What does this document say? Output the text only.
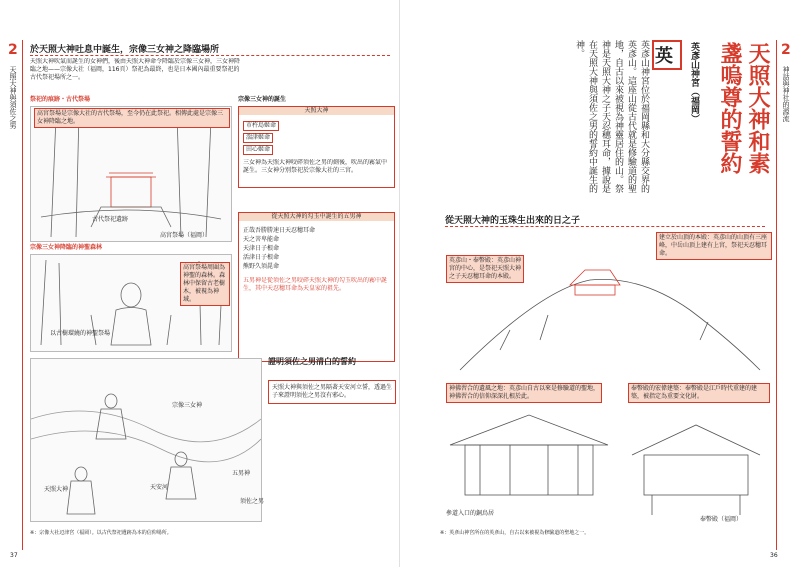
2
天照大神與須佐之男
於天照大神吐息中誕生，宗像三女神之降臨場所
天照大神吹氣而誕生的女神們，後由天照大神命令降臨於宗像三女神，三女神降臨之地——宗像大社（福岡，116頁）祭祀為最終，也是日本國內最重要祭祀的古代祭祀場所之一。
祭祀的痕跡・古代祭場
高宮祭場是宗像大社的古代祭場，至今仍在此祭祀。相傳此處是宗像三女神降臨之地。
古代祭祀遺跡
高宮祭場（福岡）
宗像三女神降臨的神聖森林
高宮祭場周圍為神聖的森林。森林中保留古老樹木，被視為神域。
以古樹環繞的神聖祭場
宗像三女神的誕生
天照大神
市杵島姬命
湍津姬命
田心姬命
三女神為天照大神咬碎須佐之男的劍後，吹出的霧氣中誕生。三女神分別祭祀於宗像大社的三宮。
從天照大神的勾玉中誕生的五男神
正哉吾勝勝速日天忍穗耳命
天之菩卑能命
天津日子根命
活津日子根命
熊野久須毘命
五男神是從須佐之男咬碎天照大神的勾玉吹出的霧中誕生，其中天忍穗耳命為天皇家的祖先。
證明須佐之男清白的誓約
天照大神與須佐之男隔著天安河立誓，透過生子來證明須佐之男沒有邪心。
天照大神
宗像三女神
天安河
須佐之男
五男神
※：宗像大社辺津宮（福岡）。以古代祭祀遺跡為本的信仰場所。
37
2
神話與神社的源流
天照大神和素
盞嗚尊的誓約
英彥山神宮（福岡）
英
英彥山神宮位於福岡縣和大分縣交界的英彥山。這座山從古代就是修驗道的聖地，自古以來被視為神靈居住的山。祭神是天照大神之子天忍穗耳命，據說是在天照大神與須佐之男的誓約中誕生的神。
從天照大神的玉珠生出來的日之子
英彥山・奉幣殿：英彥山神宮的中心，是祭祀天照大神之子天忍穗耳命的本殿。
建立於山頂的本殿：英彥山的山頂有三座峰，中岳山頂上建有上宮，祭祀天忍穗耳命。
神佛習合的遺風之地：英彥山自古以來是修驗道的聖地，神佛習合的信仰深深扎根於此。
參道入口的銅鳥居
奉幣殿的宏偉建築：奉幣殿是江戶時代重建的建築，被指定為重要文化財。
奉幣殿（福岡）
※：英彥山神宮所在的英彥山，自古以來被視為修驗道的聖地之一。
36
